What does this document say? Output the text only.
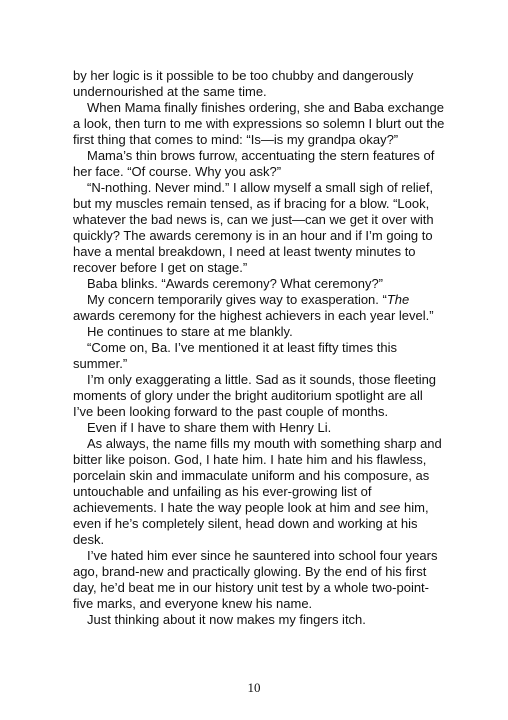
by her logic is it possible to be too chubby and dangerously undernourished at the same time.

When Mama finally finishes ordering, she and Baba exchange a look, then turn to me with expressions so solemn I blurt out the first thing that comes to mind: “Is—is my grandpa okay?”

Mama’s thin brows furrow, accentuating the stern features of her face. “Of course. Why you ask?”

“N-nothing. Never mind.” I allow myself a small sigh of relief, but my muscles remain tensed, as if bracing for a blow. “Look, whatever the bad news is, can we just—can we get it over with quickly? The awards ceremony is in an hour and if I’m going to have a mental breakdown, I need at least twenty minutes to recover before I get on stage.”

Baba blinks. “Awards ceremony? What ceremony?”

My concern temporarily gives way to exasperation. “The awards ceremony for the highest achievers in each year level.”

He continues to stare at me blankly.

“Come on, Ba. I’ve mentioned it at least fifty times this summer.”

I’m only exaggerating a little. Sad as it sounds, those fleeting moments of glory under the bright auditorium spotlight are all I’ve been looking forward to the past couple of months.

Even if I have to share them with Henry Li.

As always, the name fills my mouth with something sharp and bitter like poison. God, I hate him. I hate him and his flawless, porcelain skin and immaculate uniform and his composure, as untouchable and unfailing as his ever-growing list of achievements. I hate the way people look at him and see him, even if he’s completely silent, head down and working at his desk.

I’ve hated him ever since he sauntered into school four years ago, brand-new and practically glowing. By the end of his first day, he’d beat me in our history unit test by a whole two-point-five marks, and everyone knew his name.

Just thinking about it now makes my fingers itch.

10
